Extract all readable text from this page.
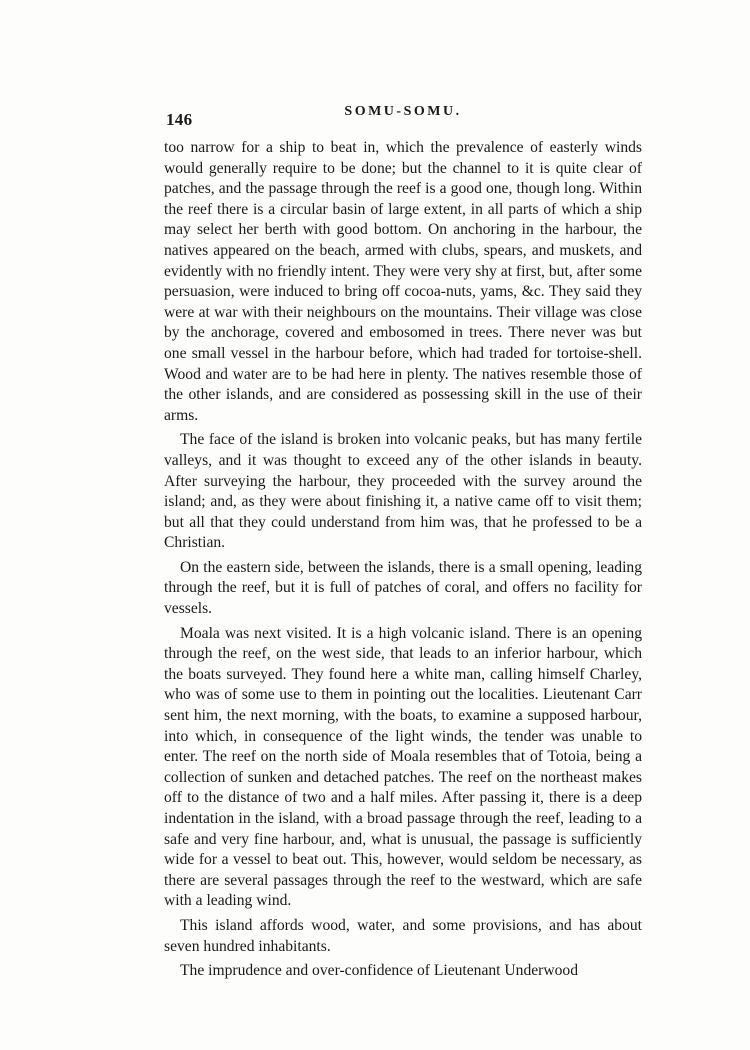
146	SOMU-SOMU.

too narrow for a ship to beat in, which the prevalence of easterly winds would generally require to be done; but the channel to it is quite clear of patches, and the passage through the reef is a good one, though long. Within the reef there is a circular basin of large extent, in all parts of which a ship may select her berth with good bottom. On anchoring in the harbour, the natives appeared on the beach, armed with clubs, spears, and muskets, and evidently with no friendly intent. They were very shy at first, but, after some persuasion, were induced to bring off cocoa-nuts, yams, &c. They said they were at war with their neighbours on the mountains. Their village was close by the anchorage, covered and embosomed in trees. There never was but one small vessel in the harbour before, which had traded for tortoise-shell. Wood and water are to be had here in plenty. The natives resemble those of the other islands, and are considered as possessing skill in the use of their arms.

The face of the island is broken into volcanic peaks, but has many fertile valleys, and it was thought to exceed any of the other islands in beauty. After surveying the harbour, they proceeded with the survey around the island; and, as they were about finishing it, a native came off to visit them; but all that they could understand from him was, that he professed to be a Christian.

On the eastern side, between the islands, there is a small opening, leading through the reef, but it is full of patches of coral, and offers no facility for vessels.

Moala was next visited. It is a high volcanic island. There is an opening through the reef, on the west side, that leads to an inferior harbour, which the boats surveyed. They found here a white man, calling himself Charley, who was of some use to them in pointing out the localities. Lieutenant Carr sent him, the next morning, with the boats, to examine a supposed harbour, into which, in consequence of the light winds, the tender was unable to enter. The reef on the north side of Moala resembles that of Totoia, being a collection of sunken and detached patches. The reef on the northeast makes off to the distance of two and a half miles. After passing it, there is a deep indentation in the island, with a broad passage through the reef, leading to a safe and very fine harbour, and, what is unusual, the passage is sufficiently wide for a vessel to beat out. This, however, would seldom be necessary, as there are several passages through the reef to the westward, which are safe with a leading wind.

This island affords wood, water, and some provisions, and has about seven hundred inhabitants.

The imprudence and over-confidence of Lieutenant Underwood
